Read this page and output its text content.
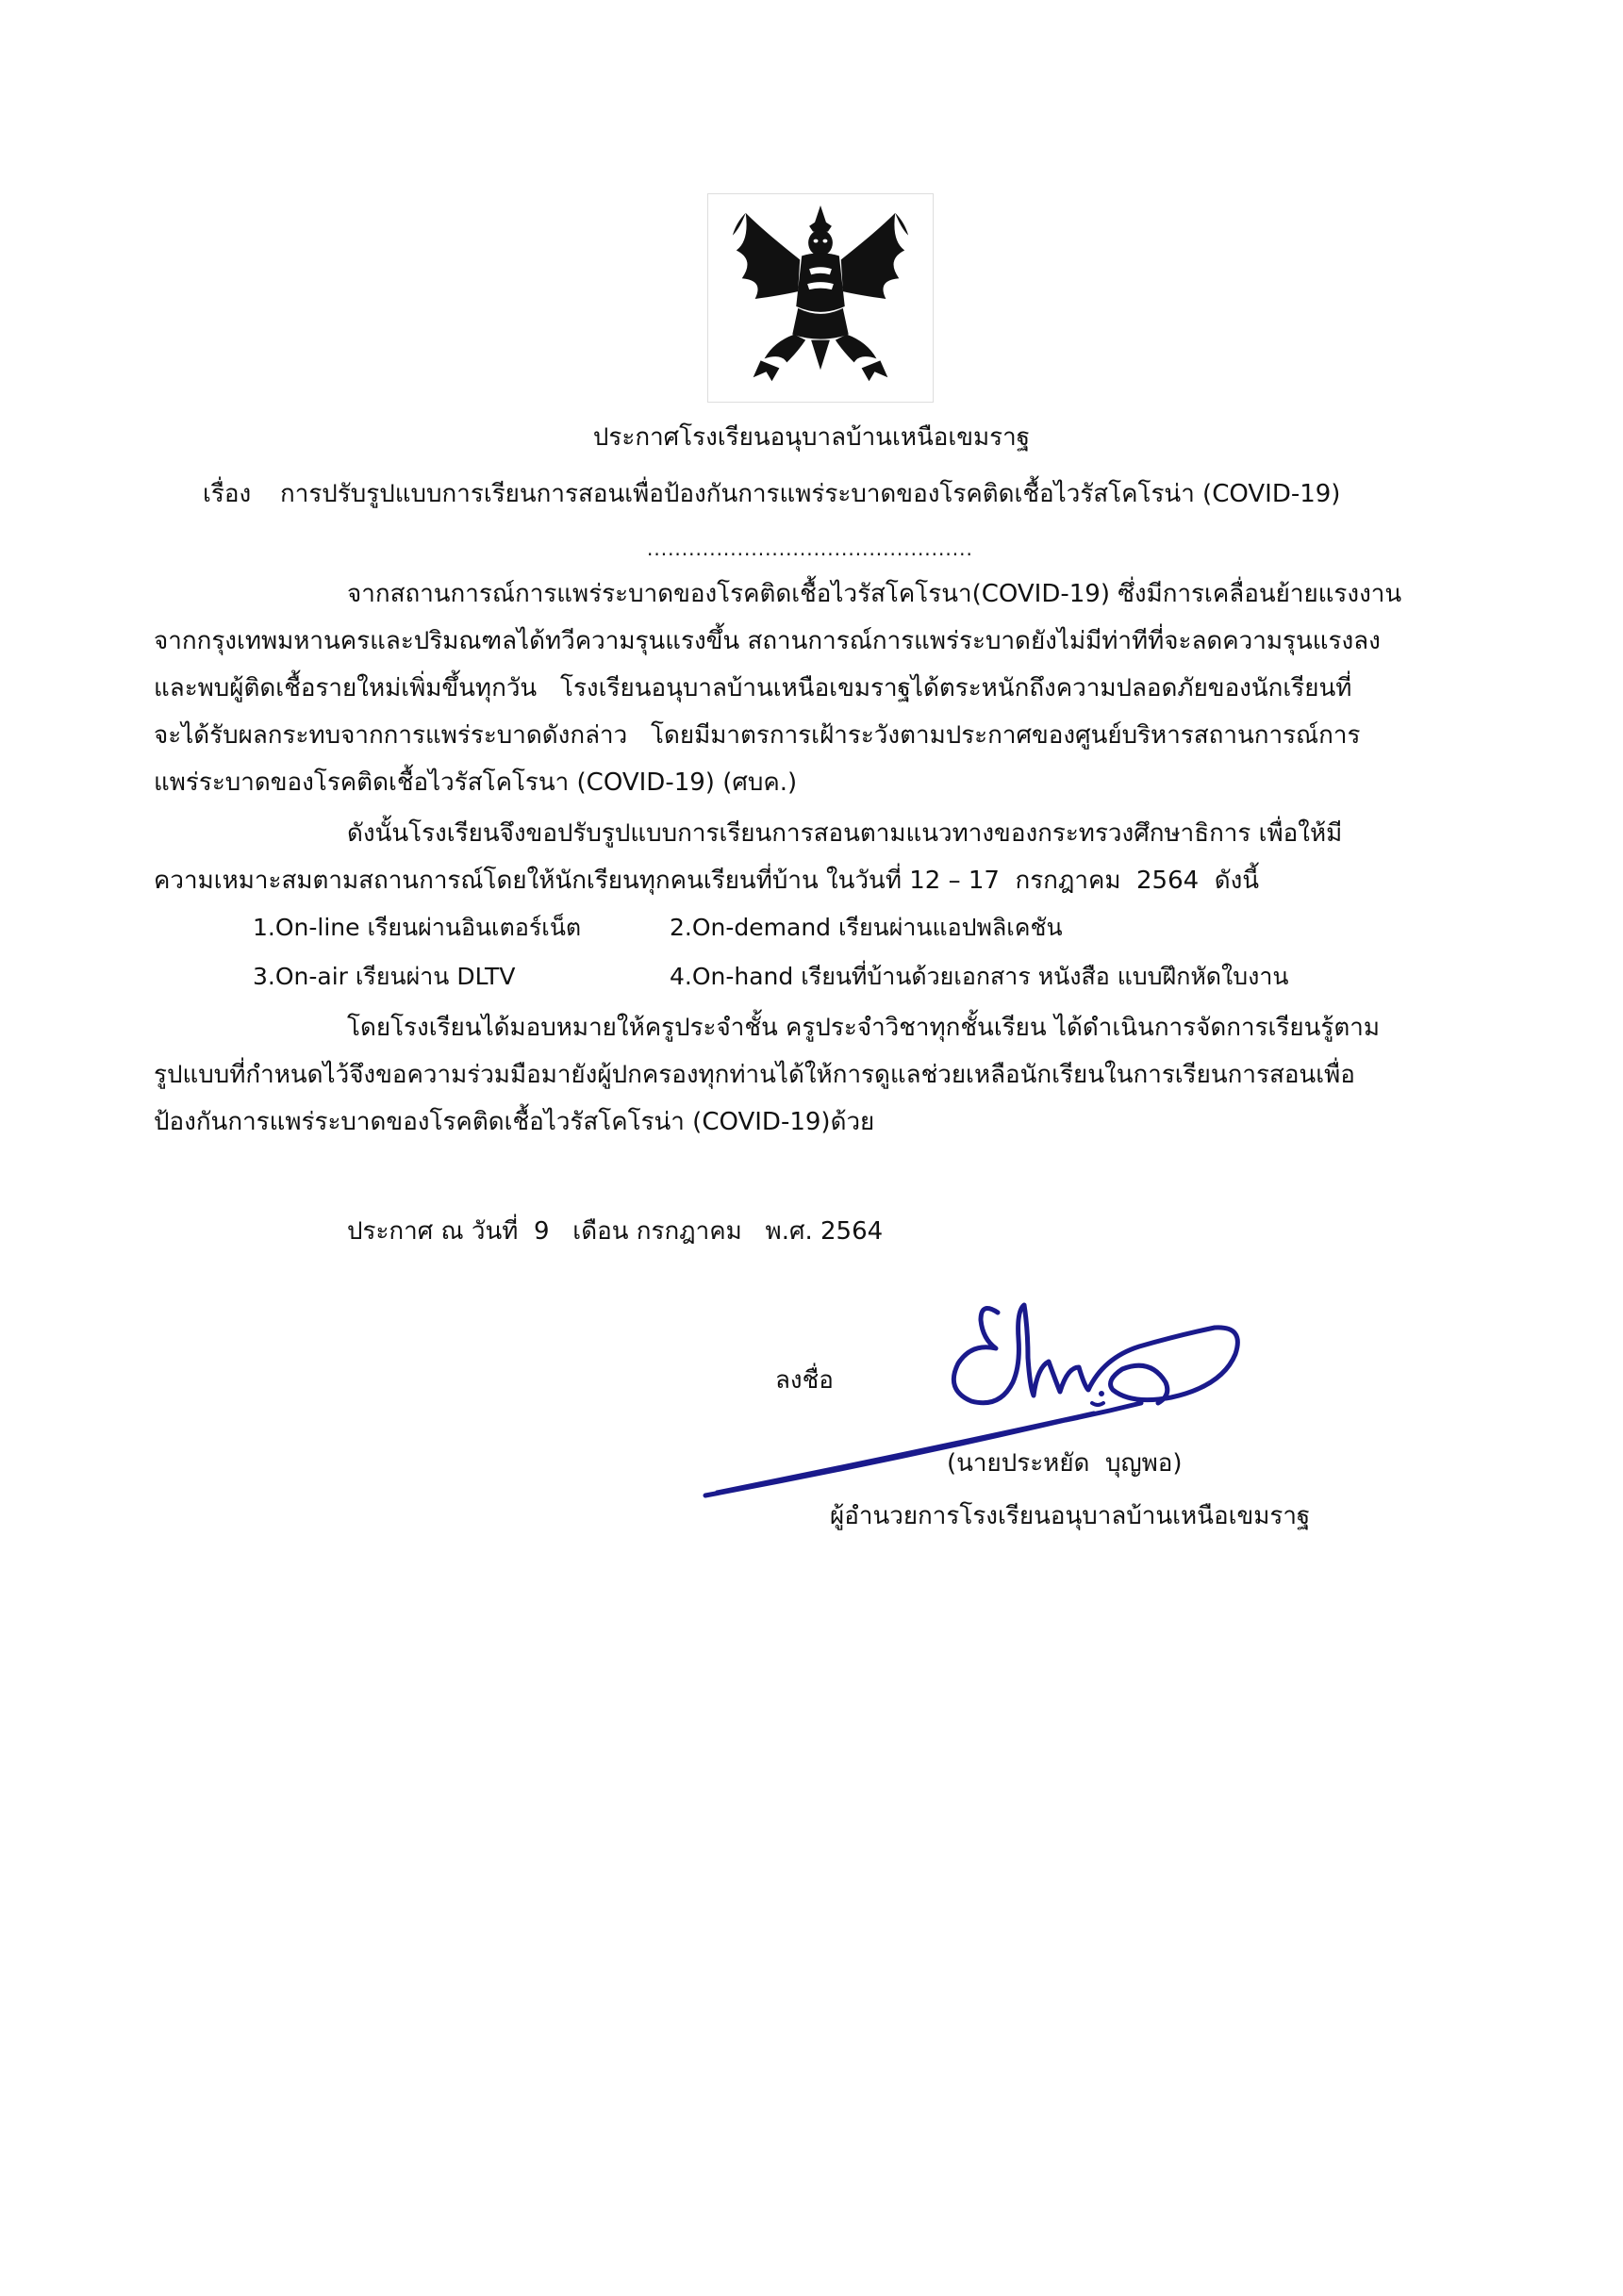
ประกาศโรงเรียนอนุบาลบ้านเหนือเขมราฐ
เรื่อง การปรับรูปแบบการเรียนการสอนเพื่อป้องกันการแพร่ระบาดของโรคติดเชื้อไวรัสโคโรน่า (COVID-19)
...............................................
จากสถานการณ์การแพร่ระบาดของโรคติดเชื้อไวรัสโคโรนา(COVID-19) ซึ่งมีการเคลื่อนย้ายแรงงาน
จากกรุงเทพมหานครและปริมณฑลได้ทวีความรุนแรงขึ้น สถานการณ์การแพร่ระบาดยังไม่มีท่าทีที่จะลดความรุนแรงลง
และพบผู้ติดเชื้อรายใหม่เพิ่มขึ้นทุกวัน   โรงเรียนอนุบาลบ้านเหนือเขมราฐได้ตระหนักถึงความปลอดภัยของนักเรียนที่
จะได้รับผลกระทบจากการแพร่ระบาดดังกล่าว   โดยมีมาตรการเฝ้าระวังตามประกาศของศูนย์บริหารสถานการณ์การ
แพร่ระบาดของโรคติดเชื้อไวรัสโคโรนา (COVID-19) (ศบค.)
ดังนั้นโรงเรียนจึงขอปรับรูปแบบการเรียนการสอนตามแนวทางของกระทรวงศึกษาธิการ เพื่อให้มี
ความเหมาะสมตามสถานการณ์โดยให้นักเรียนทุกคนเรียนที่บ้าน ในวันที่ 12 – 17  กรกฎาคม  2564  ดังนี้
1.On-line เรียนผ่านอินเตอร์เน็ต	2.On-demand เรียนผ่านแอปพลิเคชัน
3.On-air เรียนผ่าน DLTV	4.On-hand เรียนที่บ้านด้วยเอกสาร หนังสือ แบบฝึกหัดใบงาน
โดยโรงเรียนได้มอบหมายให้ครูประจำชั้น ครูประจำวิชาทุกชั้นเรียน ได้ดำเนินการจัดการเรียนรู้ตาม
รูปแบบที่กำหนดไว้จึงขอความร่วมมือมายังผู้ปกครองทุกท่านได้ให้การดูแลช่วยเหลือนักเรียนในการเรียนการสอนเพื่อ
ป้องกันการแพร่ระบาดของโรคติดเชื้อไวรัสโคโรน่า (COVID-19)ด้วย
ประกาศ ณ วันที่  9   เดือน กรกฎาคม   พ.ศ. 2564
ลงชื่อ
(นายประหยัด  บุญพอ)
ผู้อำนวยการโรงเรียนอนุบาลบ้านเหนือเขมราฐ
